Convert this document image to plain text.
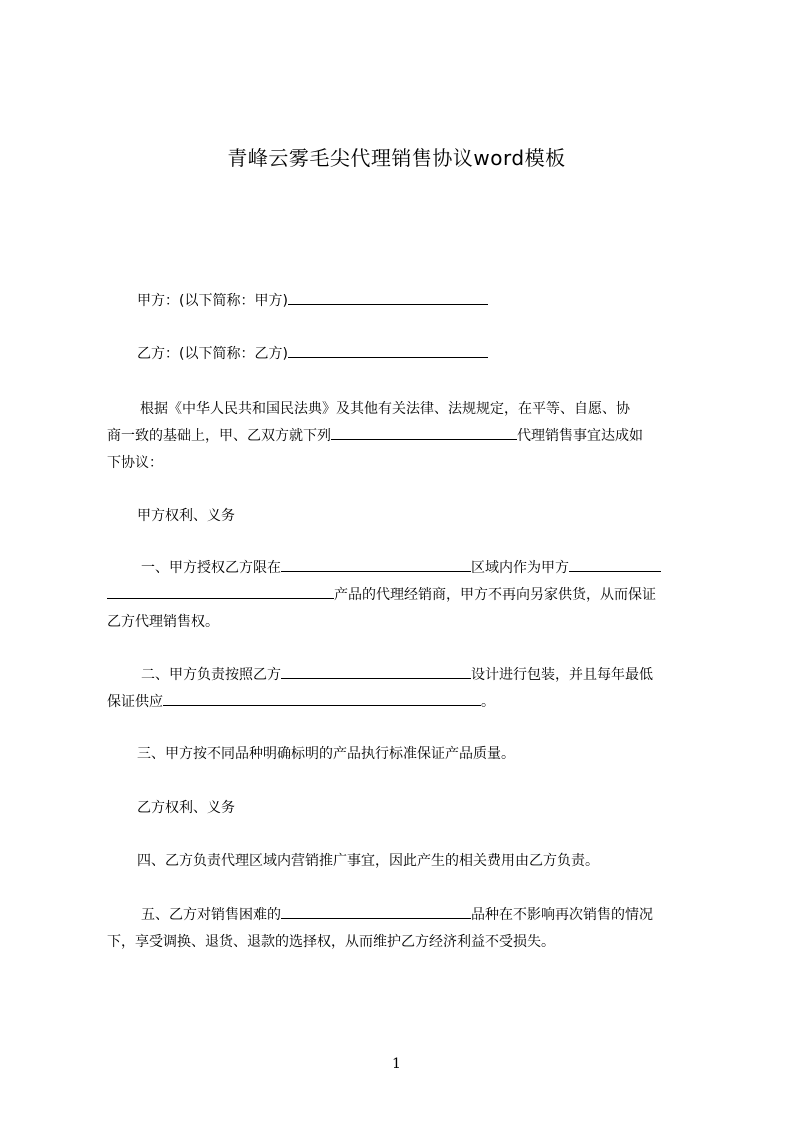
青峰云雾毛尖代理销售协议word模板
甲方：(以下简称：甲方)
乙方：(以下简称：乙方)
根据《中华人民共和国民法典》及其他有关法律、法规规定，在平等、自愿、协
商一致的基础上，甲、乙双方就下列	代理销售事宜达成如
下协议：
甲方权利、义务
一、甲方授权乙方限在	区域内作为甲方
产品的代理经销商，甲方不再向另家供货，从而保证
乙方代理销售权。
二、甲方负责按照乙方	设计进行包装，并且每年最低
保证供应	。
三、甲方按不同品种明确标明的产品执行标准保证产品质量。
乙方权利、义务
四、乙方负责代理区域内营销推广事宜，因此产生的相关费用由乙方负责。
五、乙方对销售困难的	品种在不影响再次销售的情况
下，享受调换、退货、退款的选择权，从而维护乙方经济利益不受损失。
1
